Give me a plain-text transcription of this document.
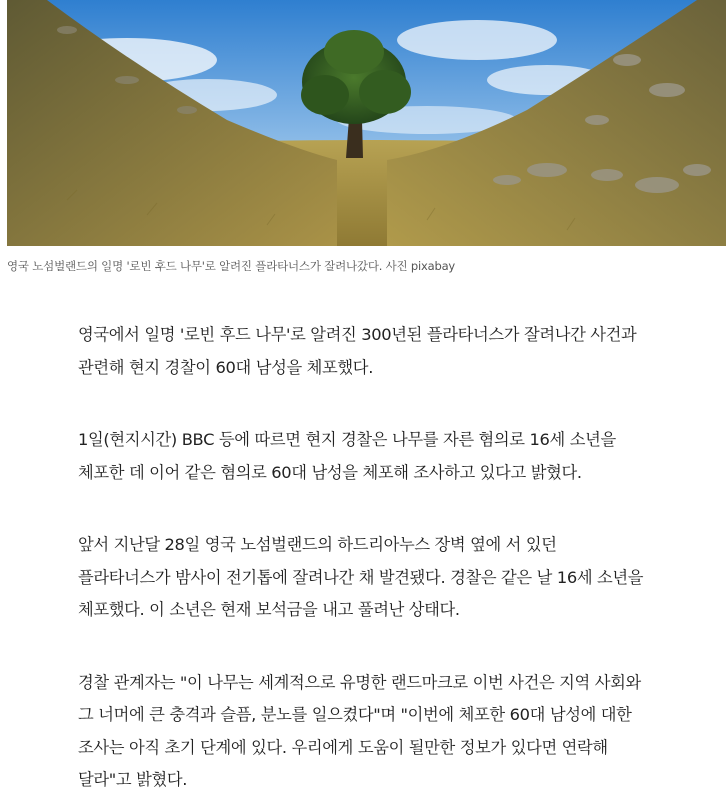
영국 노섬벌랜드의 일명 '로빈 후드 나무'로 알려진 플라타너스가 잘려나갔다. 사진 pixabay

영국에서 일명 '로빈 후드 나무'로 알려진 300년된 플라타너스가 잘려나간 사건과
관련해 현지 경찰이 60대 남성을 체포했다.

1일(현지시간) BBC 등에 따르면 현지 경찰은 나무를 자른 혐의로 16세 소년을
체포한 데 이어 같은 혐의로 60대 남성을 체포해 조사하고 있다고 밝혔다.

앞서 지난달 28일 영국 노섬벌랜드의 하드리아누스 장벽 옆에 서 있던
플라타너스가 밤사이 전기톱에 잘려나간 채 발견됐다. 경찰은 같은 날 16세 소년을
체포했다. 이 소년은 현재 보석금을 내고 풀려난 상태다.

경찰 관계자는 "이 나무는 세계적으로 유명한 랜드마크로 이번 사건은 지역 사회와
그 너머에 큰 충격과 슬픔, 분노를 일으켰다"며 "이번에 체포한 60대 남성에 대한
조사는 아직 초기 단계에 있다. 우리에게 도움이 될만한 정보가 있다면 연락해
달라"고 밝혔다.
